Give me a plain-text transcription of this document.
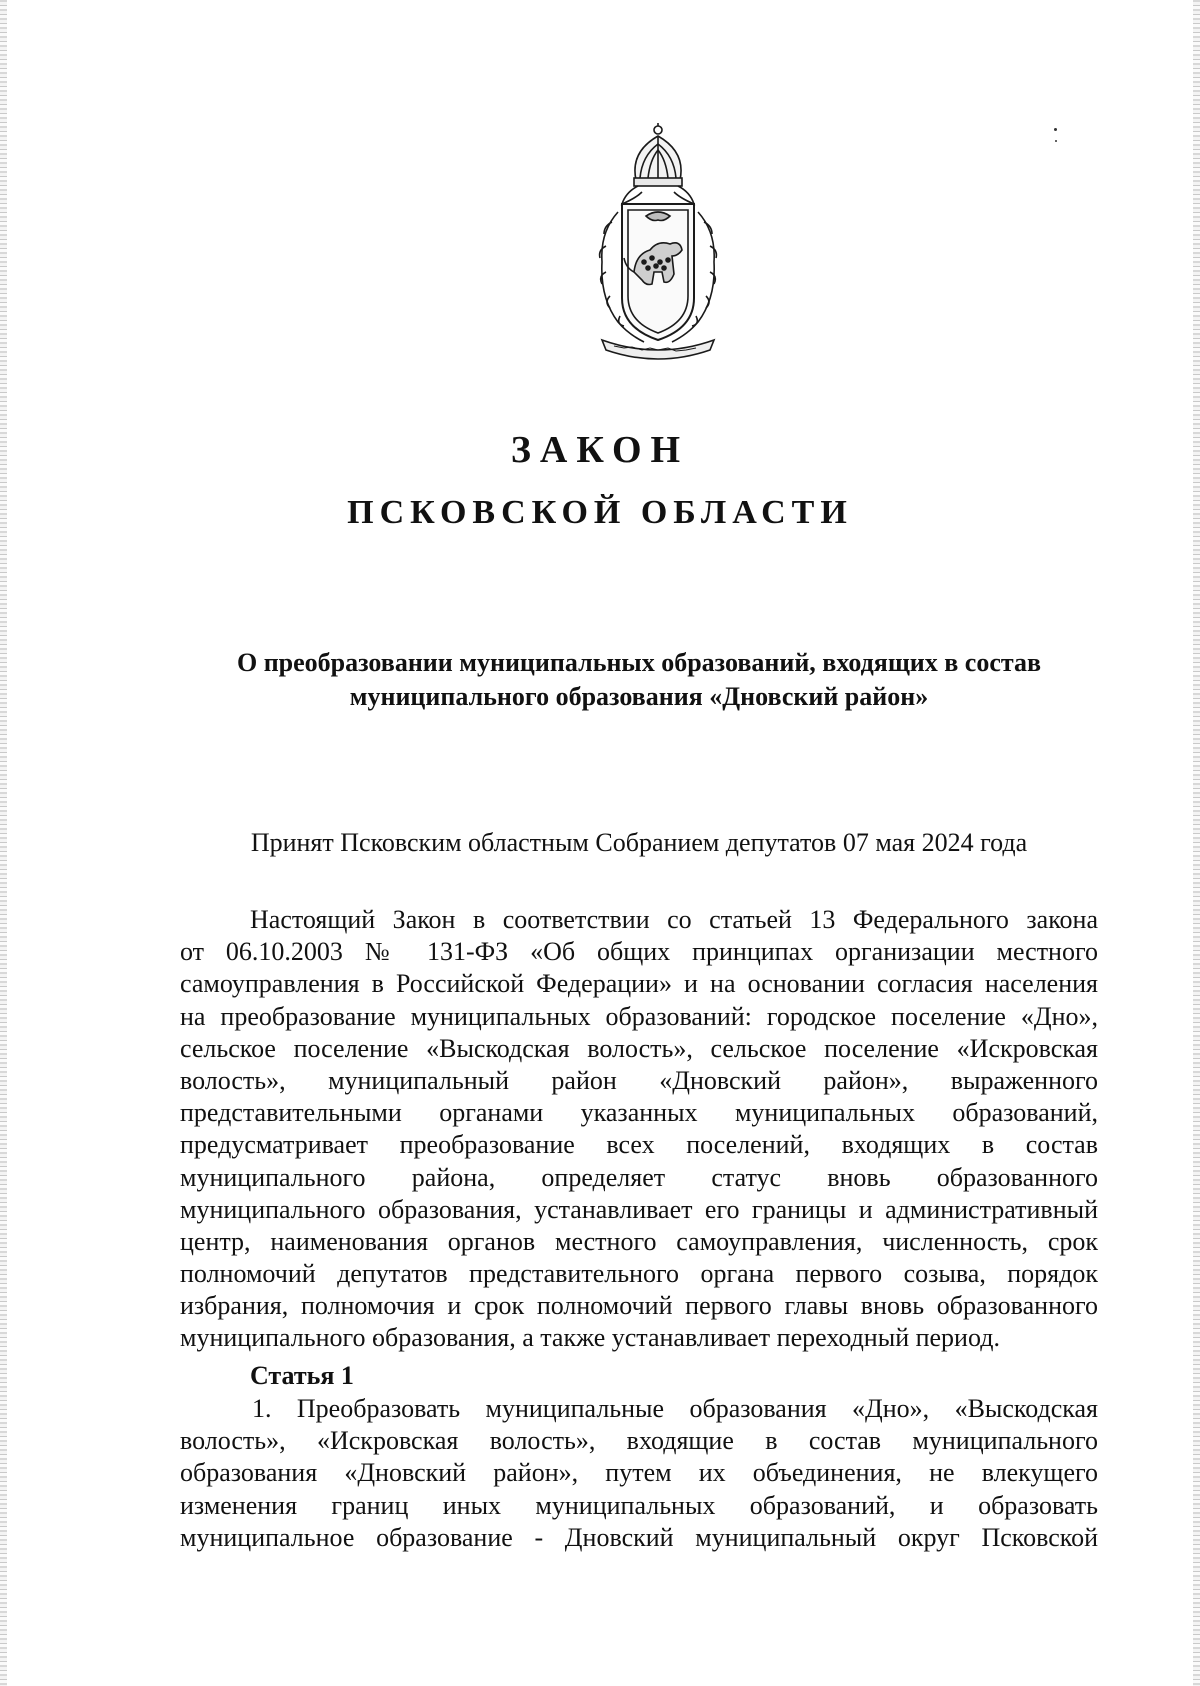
ЗАКОН
ПСКОВСКОЙ ОБЛАСТИ
О преобразовании муниципальных образований, входящих в состав
муниципального образования «Дновский район»
Принят Псковским областным Собранием депутатов 07 мая 2024 года
Настоящий Закон в соответствии со статьей 13 Федерального закона
от 06.10.2003 № 131-ФЗ «Об общих принципах организации местного
самоуправления в Российской Федерации» и на основании согласия населения
на преобразование муниципальных образований: городское поселение «Дно»,
сельское поселение «Выскодская волость», сельское поселение «Искровская
волость», муниципальный район «Дновский район», выраженного
представительными органами указанных муниципальных образований,
предусматривает преобразование всех поселений, входящих в состав
муниципального района, определяет статус вновь образованного
муниципального образования, устанавливает его границы и административный
центр, наименования органов местного самоуправления, численность, срок
полномочий депутатов представительного органа первого созыва, порядок
избрания, полномочия и срок полномочий первого главы вновь образованного
муниципального образования, а также устанавливает переходный период.
Статья 1
1. Преобразовать муниципальные образования «Дно», «Выскодская
волость», «Искровская волость», входящие в состав муниципального
образования «Дновский район», путем их объединения, не влекущего
изменения границ иных муниципальных образований, и образовать
муниципальное образование - Дновский муниципальный округ Псковской
